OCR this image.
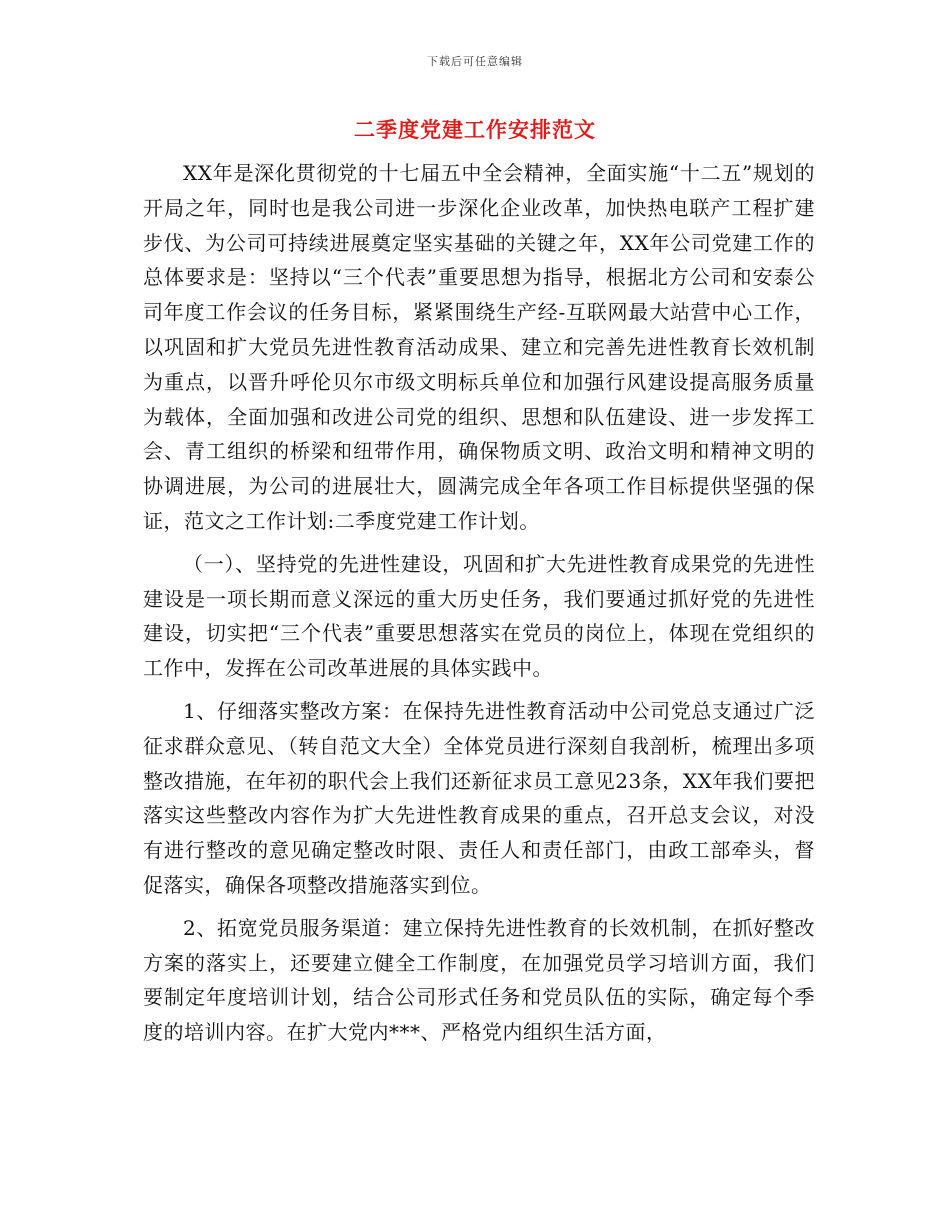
下载后可任意编辑
二季度党建工作安排范文

XX年是深化贯彻党的十七届五中全会精神，全面实施“十二五”规划的开局之年，同时也是我公司进一步深化企业改革，加快热电联产工程扩建步伐、为公司可持续进展奠定坚实基础的关键之年，XX年公司党建工作的总体要求是：坚持以“三个代表”重要思想为指导，根据北方公司和安泰公司年度工作会议的任务目标，紧紧围绕生产经-互联网最大站营中心工作，以巩固和扩大党员先进性教育活动成果、建立和完善先进性教育长效机制为重点，以晋升呼伦贝尔市级文明标兵单位和加强行风建设提高服务质量为载体，全面加强和改进公司党的组织、思想和队伍建设、进一步发挥工会、青工组织的桥梁和纽带作用，确保物质文明、政治文明和精神文明的协调进展，为公司的进展壮大，圆满完成全年各项工作目标提供坚强的保证，范文之工作计划:二季度党建工作计划。

（一）、坚持党的先进性建设，巩固和扩大先进性教育成果党的先进性建设是一项长期而意义深远的重大历史任务，我们要通过抓好党的先进性建设，切实把“三个代表”重要思想落实在党员的岗位上，体现在党组织的工作中，发挥在公司改革进展的具体实践中。

1、仔细落实整改方案：在保持先进性教育活动中公司党总支通过广泛征求群众意见、（转自范文大全）全体党员进行深刻自我剖析，梳理出多项整改措施，在年初的职代会上我们还新征求员工意见23条，XX年我们要把落实这些整改内容作为扩大先进性教育成果的重点，召开总支会议，对没有进行整改的意见确定整改时限、责任人和责任部门，由政工部牵头，督促落实，确保各项整改措施落实到位。

2、拓宽党员服务渠道：建立保持先进性教育的长效机制，在抓好整改方案的落实上，还要建立健全工作制度，在加强党员学习培训方面，我们要制定年度培训计划，结合公司形式任务和党员队伍的实际，确定每个季度的培训内容。在扩大党内***、严格党内组织生活方面，
